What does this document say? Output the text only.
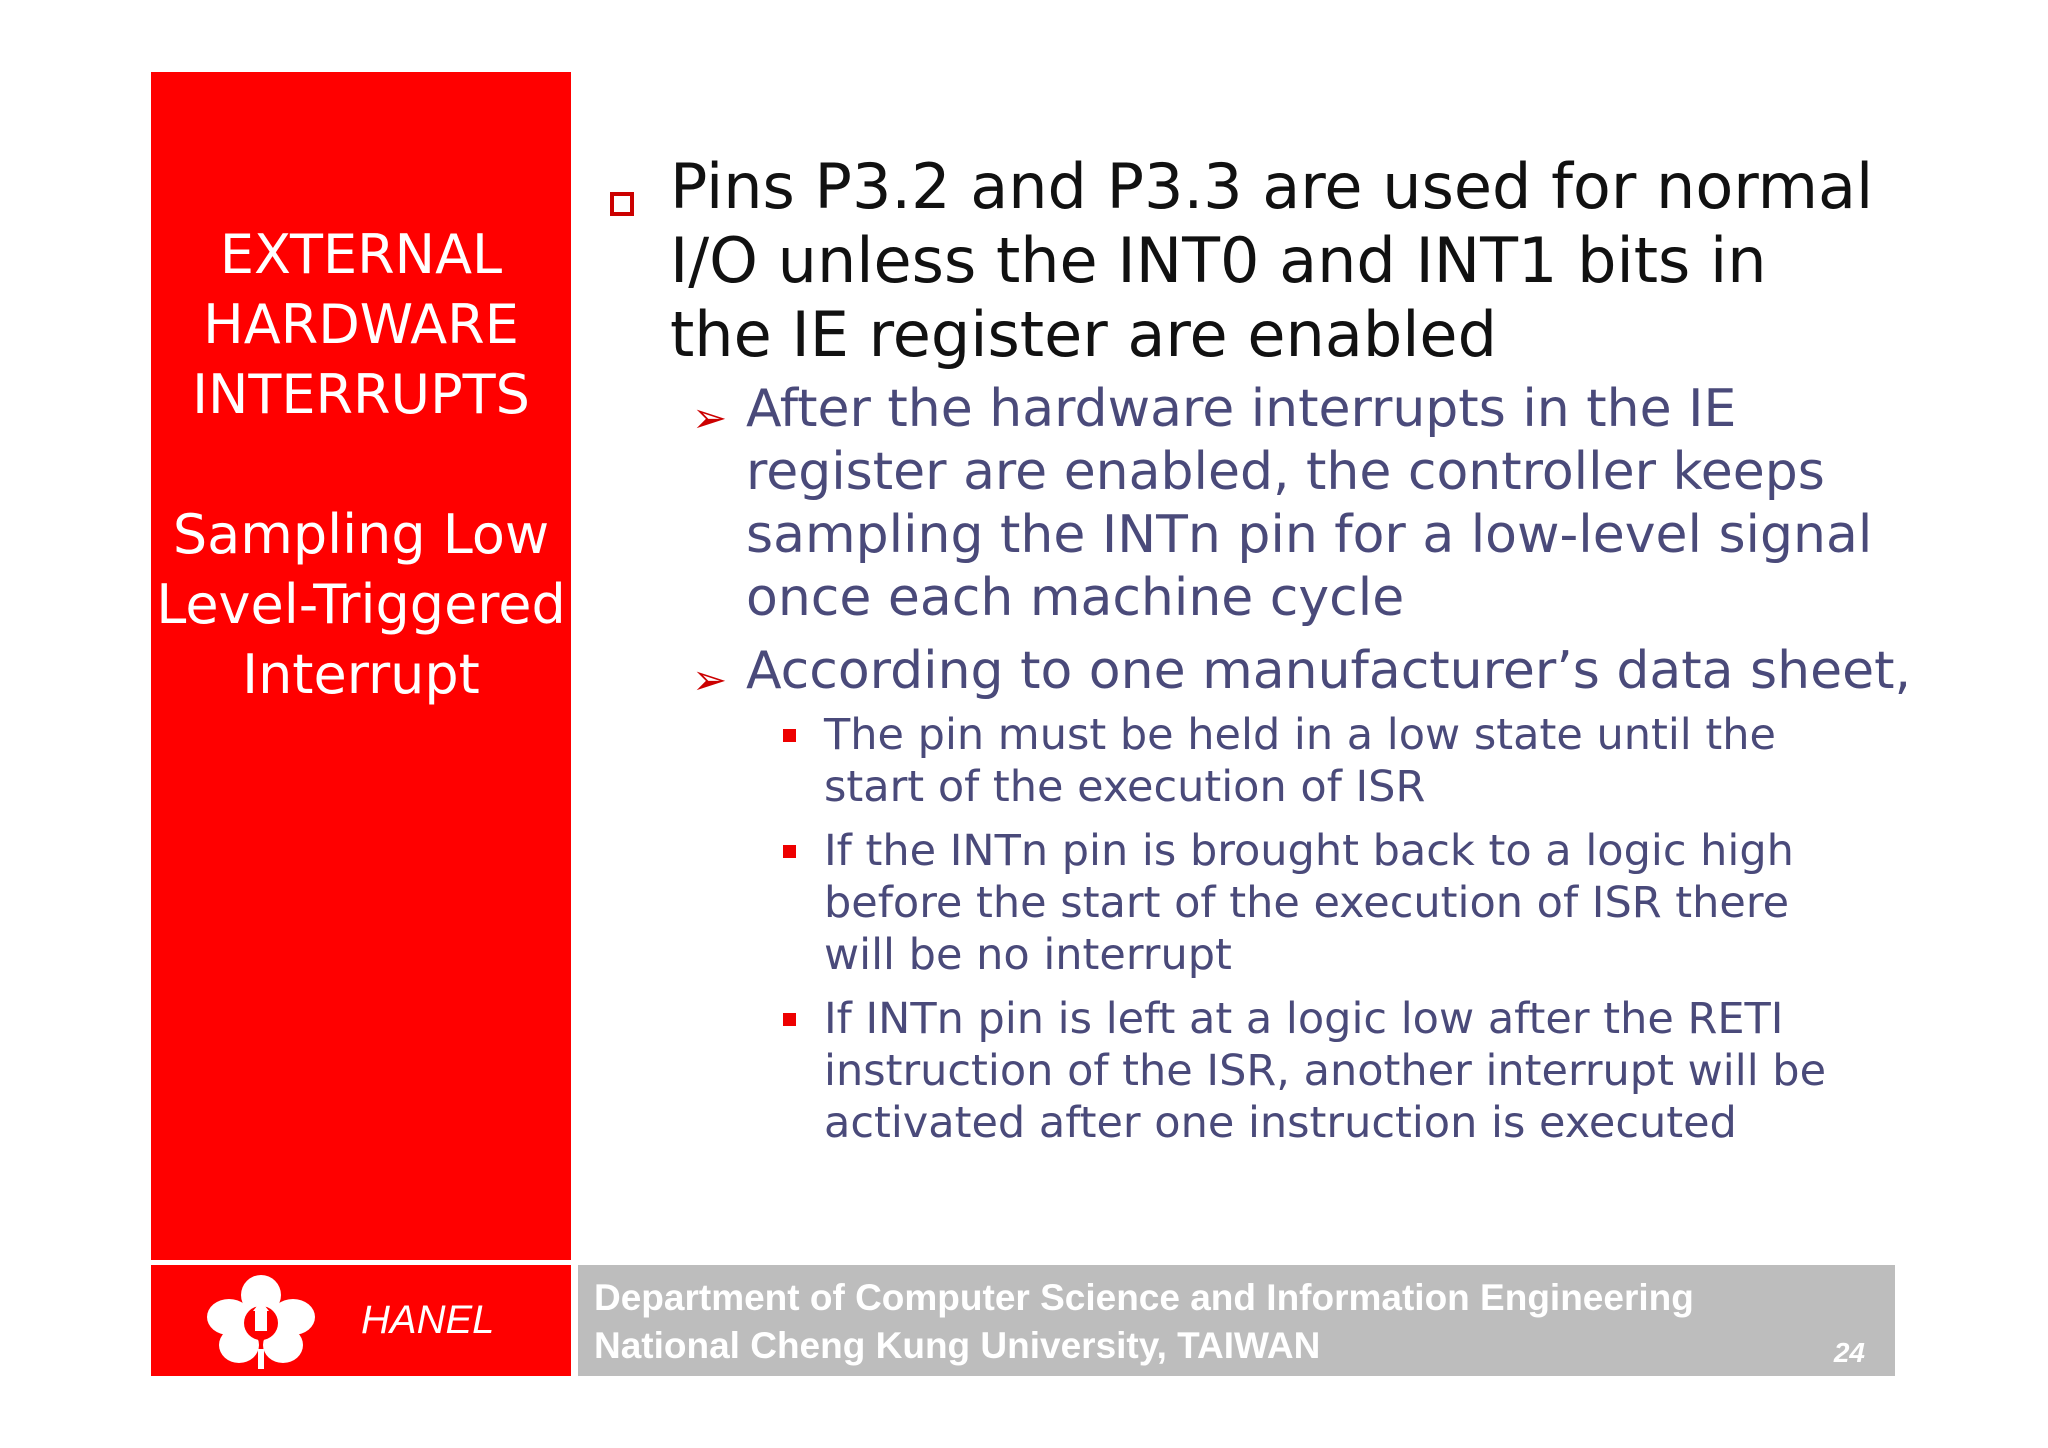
EXTERNAL
HARDWARE
INTERRUPTS
Sampling Low
Level-Triggered
Interrupt
Pins P3.2 and P3.3 are used for normal
I/O unless the INT0 and INT1 bits in
the IE register are enabled
➢ After the hardware interrupts in the IE
register are enabled, the controller keeps
sampling the INTn pin for a low-level signal
once each machine cycle
➢ According to one manufacturer’s data sheet,
The pin must be held in a low state until the
start of the execution of ISR
If the INTn pin is brought back to a logic high
before the start of the execution of ISR there
will be no interrupt
If INTn pin is left at a logic low after the RETI
instruction of the ISR, another interrupt will be
activated after one instruction is executed
HANEL
Department of Computer Science and Information Engineering
National Cheng Kung University, TAIWAN	24
